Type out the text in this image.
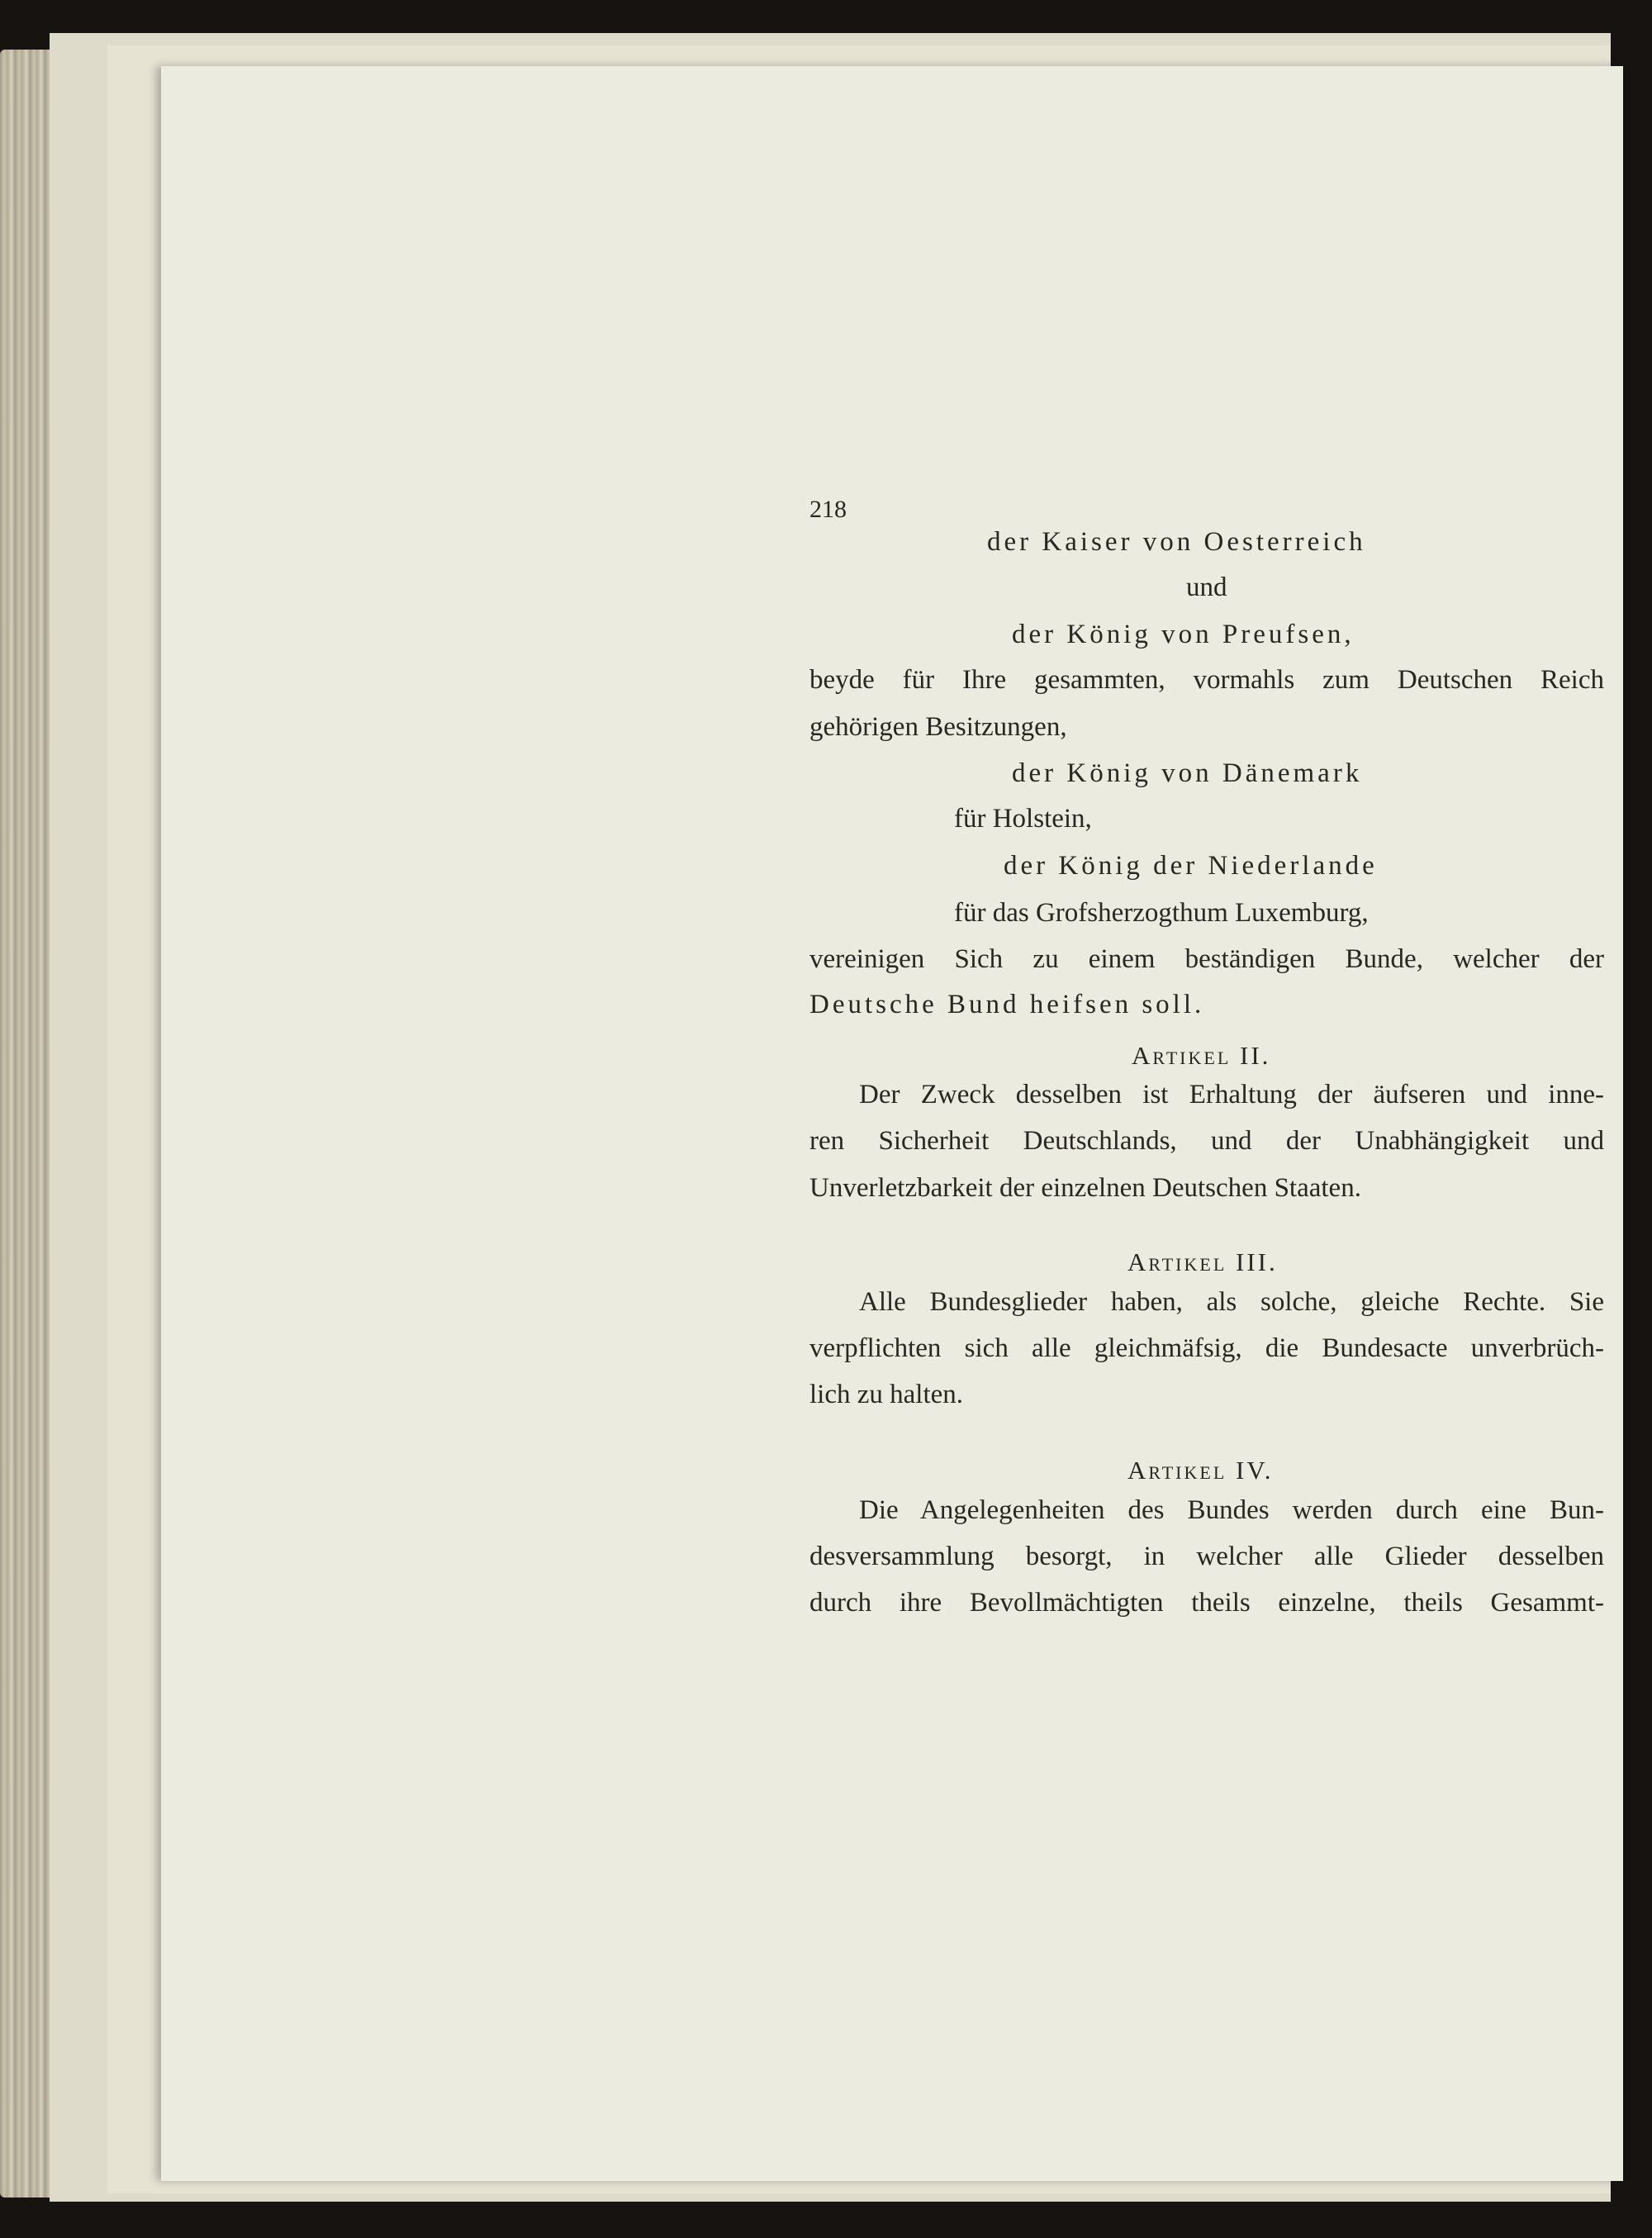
218
der Kaiser von Oesterreich
und
der König von Preufsen,
beyde für Ihre gesammten, vormahls zum Deutschen Reich
gehörigen Besitzungen,
der König von Dänemark
für Holstein,
der König der Niederlande
für das Grofsherzogthum Luxemburg,
vereinigen Sich zu einem beständigen Bunde, welcher der
Deutsche Bund heifsen soll.
Artikel II.
Der Zweck desselben ist Erhaltung der äufseren und inne-
ren Sicherheit Deutschlands, und der Unabhängigkeit und
Unverletzbarkeit der einzelnen Deutschen Staaten.
Artikel III.
Alle Bundesglieder haben, als solche, gleiche Rechte. Sie
verpflichten sich alle gleichmäfsig, die Bundesacte unverbrüch-
lich zu halten.
Artikel IV.
Die Angelegenheiten des Bundes werden durch eine Bun-
desversammlung besorgt, in welcher alle Glieder desselben
durch ihre Bevollmächtigten theils einzelne, theils Gesammt-
